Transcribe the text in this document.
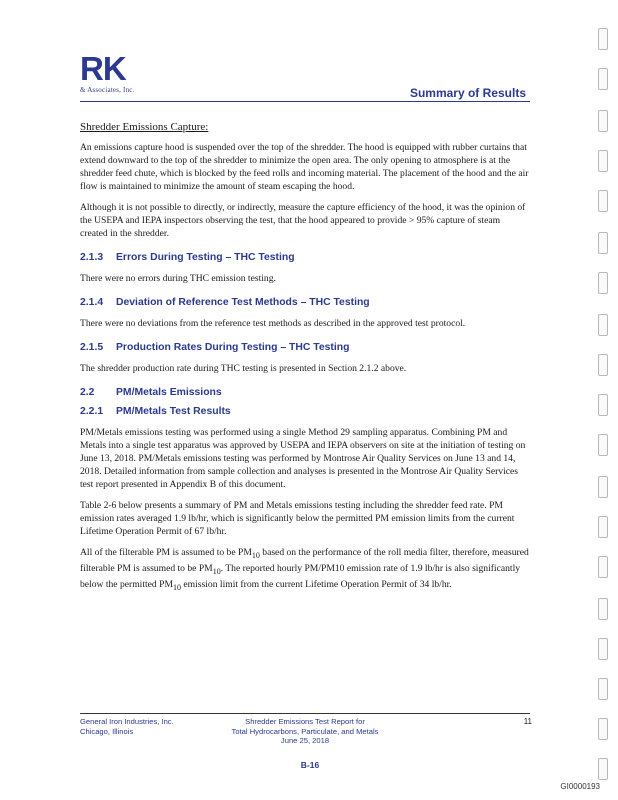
RK
& Associates, Inc.	Summary of Results
Shredder Emissions Capture:

An emissions capture hood is suspended over the top of the shredder. The hood is equipped with rubber curtains that extend downward to the top of the shredder to minimize the open area. The only opening to atmosphere is at the shredder feed chute, which is blocked by the feed rolls and incoming material. The placement of the hood and the air flow is maintained to minimize the amount of steam escaping the hood.

Although it is not possible to directly, or indirectly, measure the capture efficiency of the hood, it was the opinion of the USEPA and IEPA inspectors observing the test, that the hood appeared to provide > 95% capture of steam created in the shredder.

2.1.3	Errors During Testing – THC Testing

There were no errors during THC emission testing.

2.1.4	Deviation of Reference Test Methods – THC Testing

There were no deviations from the reference test methods as described in the approved test protocol.

2.1.5	Production Rates During Testing – THC Testing

The shredder production rate during THC testing is presented in Section 2.1.2 above.

2.2	PM/Metals Emissions
2.2.1	PM/Metals Test Results

PM/Metals emissions testing was performed using a single Method 29 sampling apparatus. Combining PM and Metals into a single test apparatus was approved by USEPA and IEPA observers on site at the initiation of testing on June 13, 2018. PM/Metals emissions testing was performed by Montrose Air Quality Services on June 13 and 14, 2018. Detailed information from sample collection and analyses is presented in the Montrose Air Quality Services test report presented in Appendix B of this document.

Table 2-6 below presents a summary of PM and Metals emissions testing including the shredder feed rate. PM emission rates averaged 1.9 lb/hr, which is significantly below the permitted PM emission limits from the current Lifetime Operation Permit of 67 lb/hr.

All of the filterable PM is assumed to be $PM_{10}$ based on the performance of the roll media filter, therefore, measured filterable PM is assumed to be $PM_{10}$. The reported hourly PM/PM10 emission rate of 1.9 lb/hr is also significantly below the permitted $PM_{10}$ emission limit from the current Lifetime Operation Permit of 34 lb/hr.

General Iron Industries, Inc.
Chicago, Illinois
Shredder Emissions Test Report for
Total Hydrocarbons, Particulate, and Metals
June 25, 2018
11
B-16
GI0000193
